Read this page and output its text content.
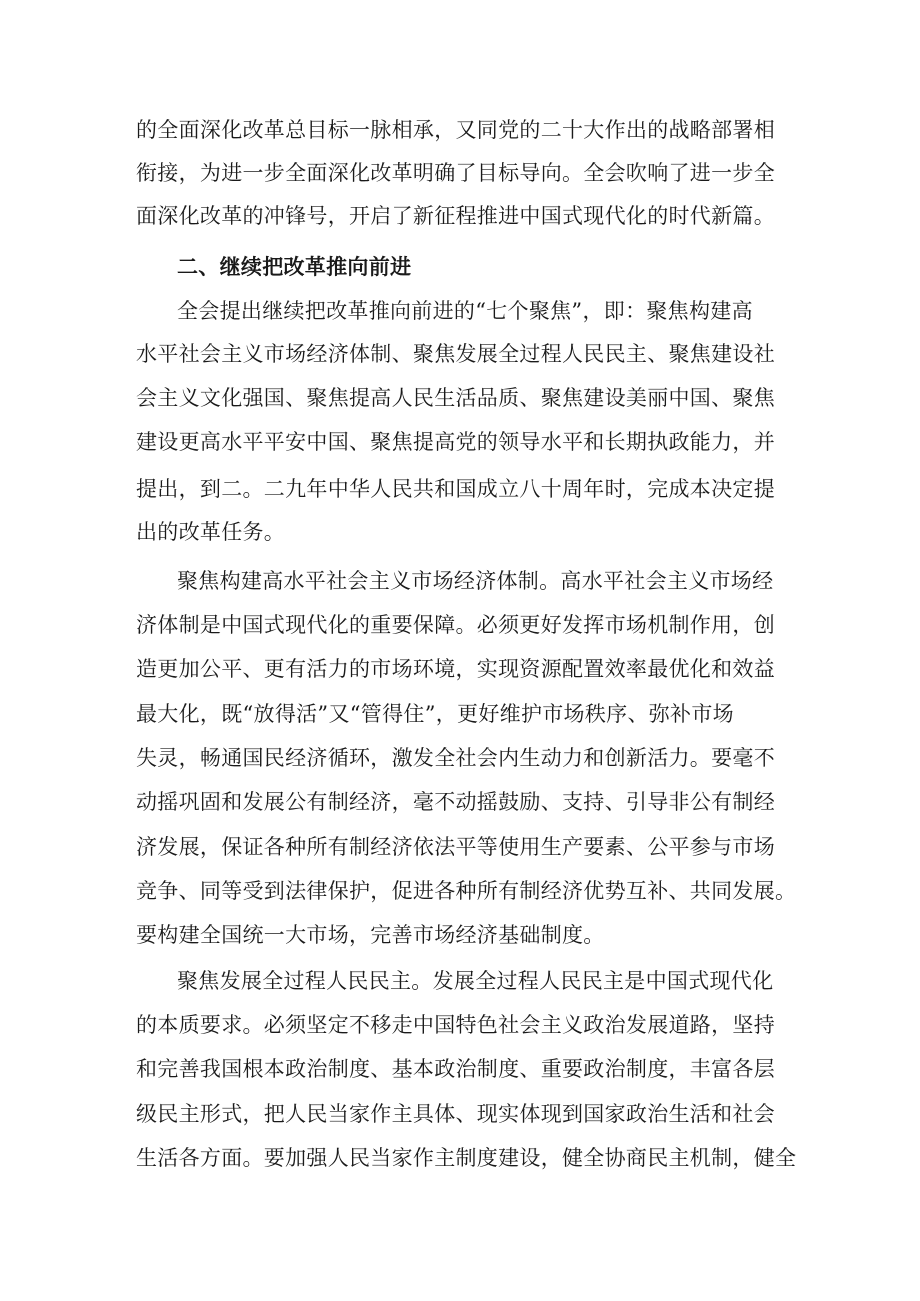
的全面深化改革总目标一脉相承，又同党的二十大作出的战略部署相
衔接，为进一步全面深化改革明确了目标导向。全会吹响了进一步全
面深化改革的冲锋号，开启了新征程推进中国式现代化的时代新篇。
二、继续把改革推向前进
全会提出继续把改革推向前进的“七个聚焦”，即：聚焦构建高
水平社会主义市场经济体制、聚焦发展全过程人民民主、聚焦建设社
会主义文化强国、聚焦提高人民生活品质、聚焦建设美丽中国、聚焦
建设更高水平平安中国、聚焦提高党的领导水平和长期执政能力，并
提出，到二。二九年中华人民共和国成立八十周年时，完成本决定提
出的改革任务。
聚焦构建高水平社会主义市场经济体制。高水平社会主义市场经
济体制是中国式现代化的重要保障。必须更好发挥市场机制作用，创
造更加公平、更有活力的市场环境，实现资源配置效率最优化和效益
最大化，既“放得活”又“管得住”，更好维护市场秩序、弥补市场
失灵，畅通国民经济循环，激发全社会内生动力和创新活力。要毫不
动摇巩固和发展公有制经济，毫不动摇鼓励、支持、引导非公有制经
济发展，保证各种所有制经济依法平等使用生产要素、公平参与市场
竞争、同等受到法律保护，促进各种所有制经济优势互补、共同发展。
要构建全国统一大市场，完善市场经济基础制度。
聚焦发展全过程人民民主。发展全过程人民民主是中国式现代化
的本质要求。必须坚定不移走中国特色社会主义政治发展道路，坚持
和完善我国根本政治制度、基本政治制度、重要政治制度，丰富各层
级民主形式，把人民当家作主具体、现实体现到国家政治生活和社会
生活各方面。要加强人民当家作主制度建设，健全协商民主机制，健全
